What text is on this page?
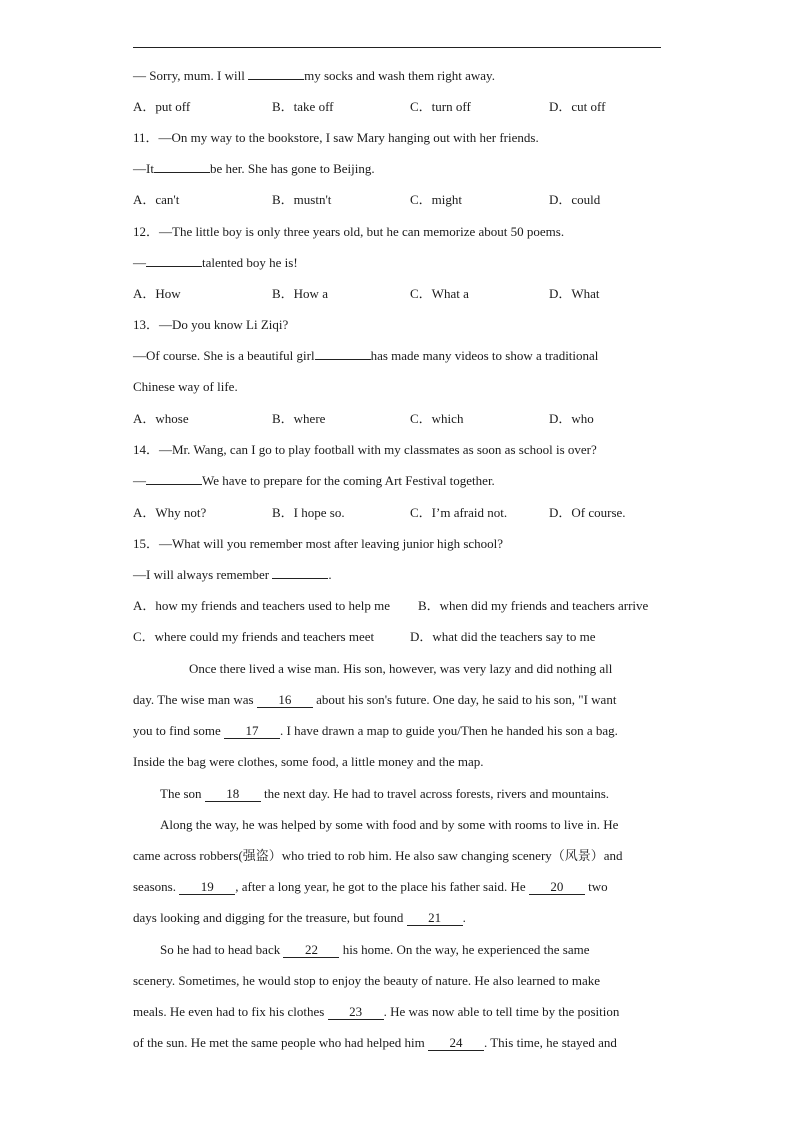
— Sorry, mum. I will	my socks and wash them right away.

A．put off

	B．take off

	C．turn off

	D．cut off

11．—On my way to the bookstore, I saw Mary hanging out with her friends.
—It	be her. She has gone to Beijing.

A．can't

	B．mustn't

	C．might

	D．could

12．—The little boy is only three years old, but he can memorize about 50 poems.
—	talented boy he is!

A．How

	B．How a

	C．What a

	D．What

13．—Do you know Li Ziqi?
—Of course. She is a beautiful girl	has made many videos to show a traditional
Chinese way of life.

A．whose

	B．where

	C．which

	D．who

14．—Mr. Wang, can I go to play football with my classmates as soon as school is over?
—	We have to prepare for the coming Art Festival together.

A．Why not?

	B．I hope so.

	C．I’m afraid not.

	D．Of course.

15．—What will you remember most after leaving junior high school?
—I will always remember	.

A．how my friends and teachers used to help me

B．when did my friends and teachers arrive

C．where could my friends and teachers meet

	D．what did the teachers say to me

Once there lived a wise man. His son, however, was very lazy and did nothing all
day. The wise man was 16 about his son's future. One day, he said to his son, "I want
you to find some 17 . I have drawn a map to guide you/Then he handed his son a bag.
Inside the bag were clothes, some food, a little money and the map.
The son 18 the next day. He had to travel across forests, rivers and mountains.
Along the way, he was helped by some with food and by some with rooms to live in. He
came across robbers(强盗）who tried to rob him. He also saw changing scenery（风景）and
seasons. 19 , after a long year, he got to the place his father said. He 20 two
days looking and digging for the treasure, but found 21 .
So he had to head back 22 his home. On the way, he experienced the same
scenery. Sometimes, he would stop to enjoy the beauty of nature. He also learned to make
meals. He even had to fix his clothes 23 . He was now able to tell time by the position
of the sun. He met the same people who had helped him 24 . This time, he stayed and
